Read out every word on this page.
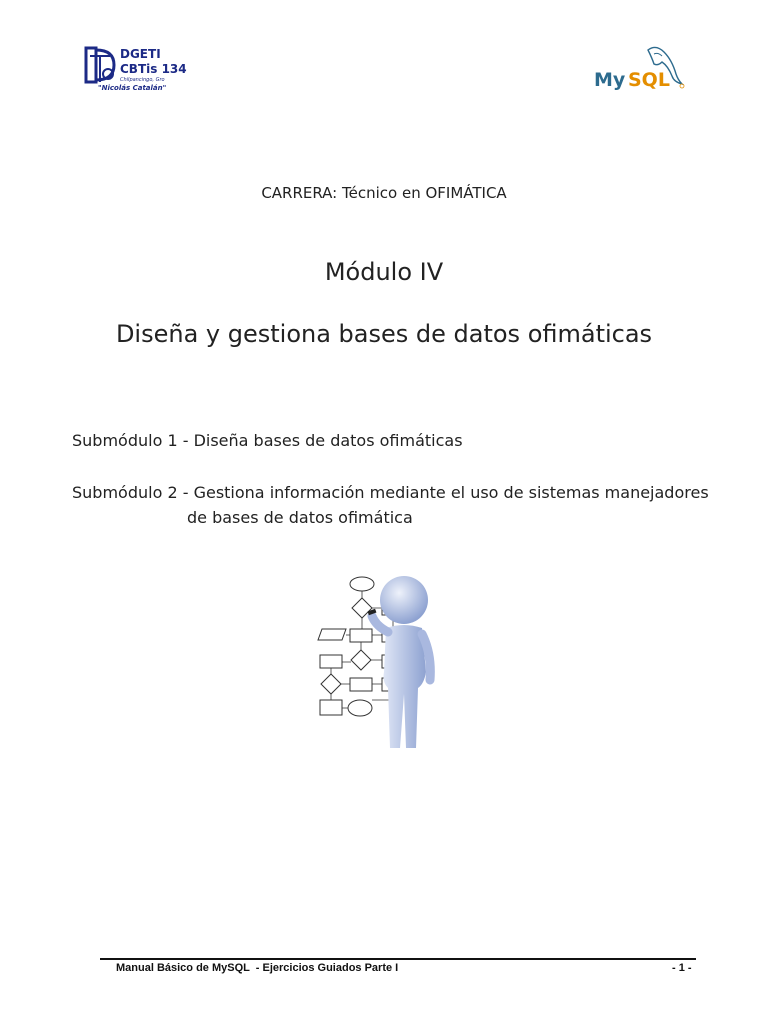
DGETI
CBTis 134
Chilpancingo, Gro
"Nicolás Catalán"	My SQL
CARRERA: Técnico en OFIMÁTICA
Módulo IV
Diseña y gestiona bases de datos ofimáticas
Submódulo 1 - Diseña bases de datos ofimáticas
Submódulo 2 - Gestiona información mediante el uso de sistemas manejadores
de bases de datos ofimática
Manual Básico de MySQL  - Ejercicios Guiados Parte I	- 1 -
